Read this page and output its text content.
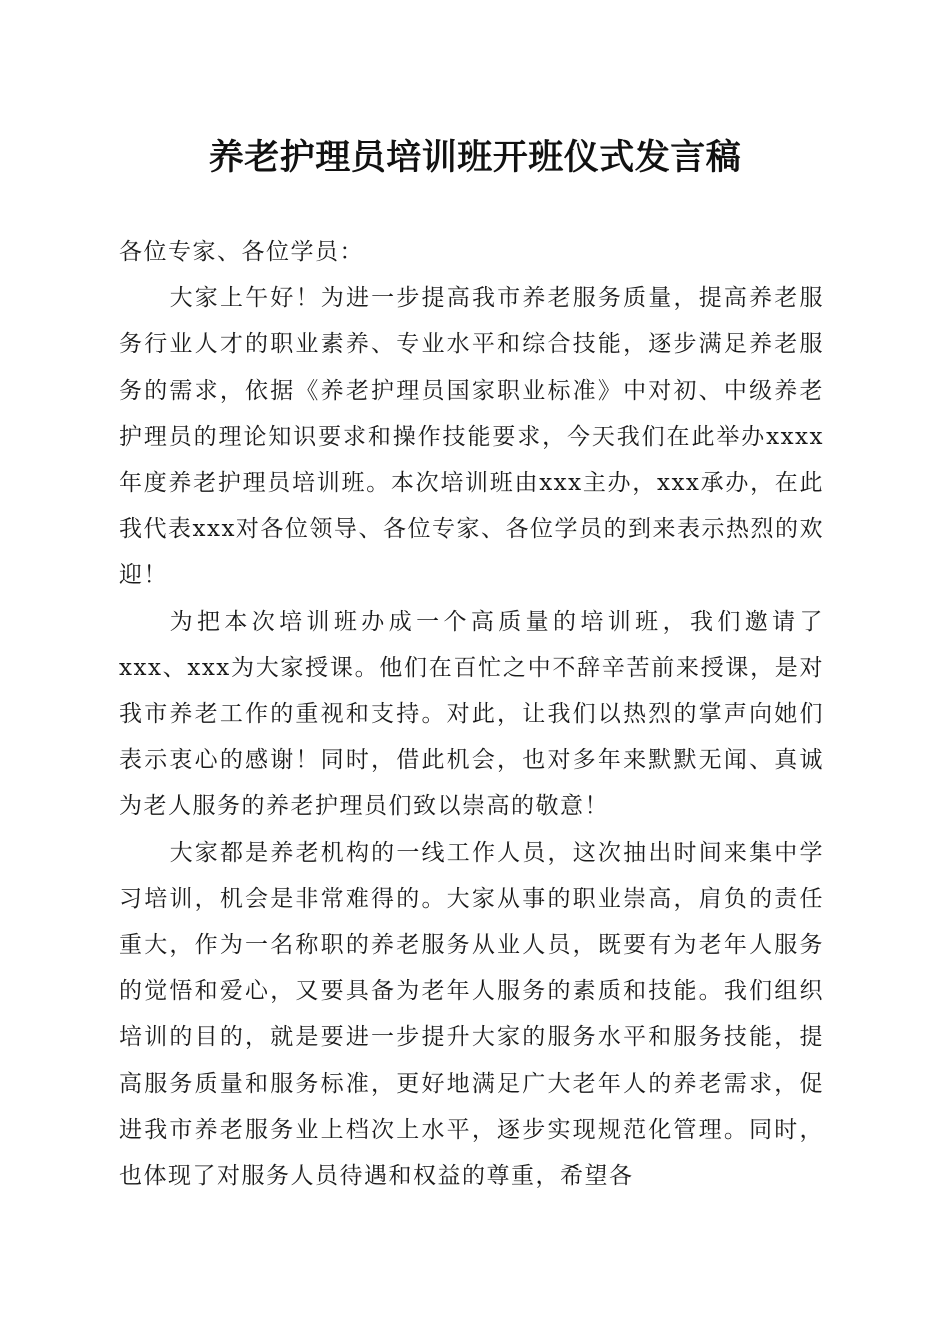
养老护理员培训班开班仪式发言稿

各位专家、各位学员：

大家上午好！为进一步提高我市养老服务质量，提高养老服务行业人才的职业素养、专业水平和综合技能，逐步满足养老服务的需求，依据《养老护理员国家职业标准》中对初、中级养老护理员的理论知识要求和操作技能要求，今天我们在此举办xxxx年度养老护理员培训班。本次培训班由xxx主办，xxx承办，在此我代表xxx对各位领导、各位专家、各位学员的到来表示热烈的欢迎！

为把本次培训班办成一个高质量的培训班，我们邀请了xxx、xxx为大家授课。他们在百忙之中不辞辛苦前来授课，是对我市养老工作的重视和支持。对此，让我们以热烈的掌声向她们表示衷心的感谢！同时，借此机会，也对多年来默默无闻、真诚为老人服务的养老护理员们致以崇高的敬意！

大家都是养老机构的一线工作人员，这次抽出时间来集中学习培训，机会是非常难得的。大家从事的职业崇高，肩负的责任重大，作为一名称职的养老服务从业人员，既要有为老年人服务的觉悟和爱心，又要具备为老年人服务的素质和技能。我们组织培训的目的，就是要进一步提升大家的服务水平和服务技能，提高服务质量和服务标准，更好地满足广大老年人的养老需求，促进我市养老服务业上档次上水平，逐步实现规范化管理。同时，也体现了对服务人员待遇和权益的尊重，希望各
